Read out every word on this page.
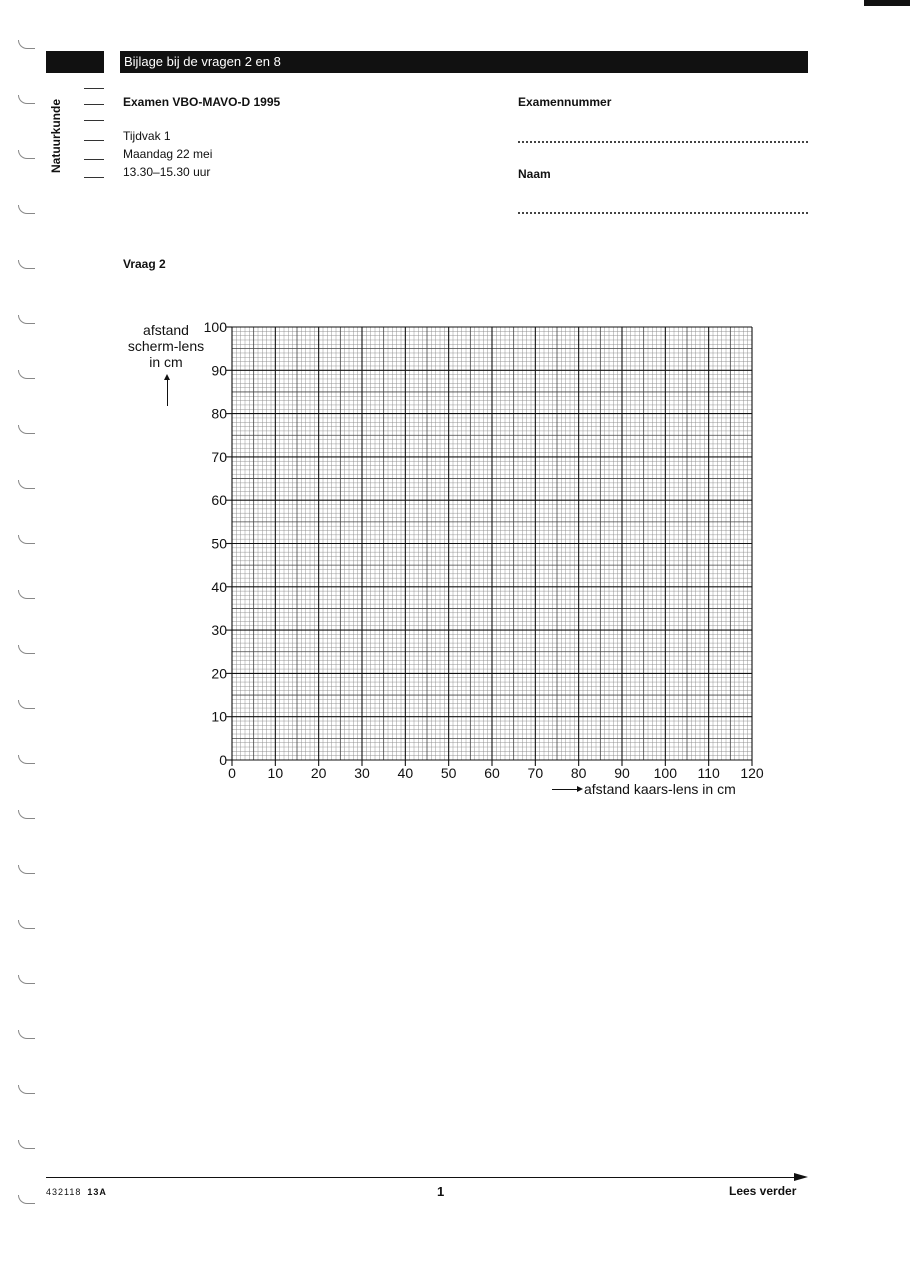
Bijlage bij de vragen 2 en 8
Natuurkunde	Examen VBO-MAVO-D 1995
Tijdvak 1
Maandag 22 mei
13.30–15.30 uur
Examennummer
Naam
Vraag 2
afstand
scherm-lens
in cm
0 10 20 30 40 50 60 70 80 90 100 110 120
0
10
20
30
40
50
60
70
80
90
100
afstand kaars-lens in cm
432118 13A	1	Lees verder
